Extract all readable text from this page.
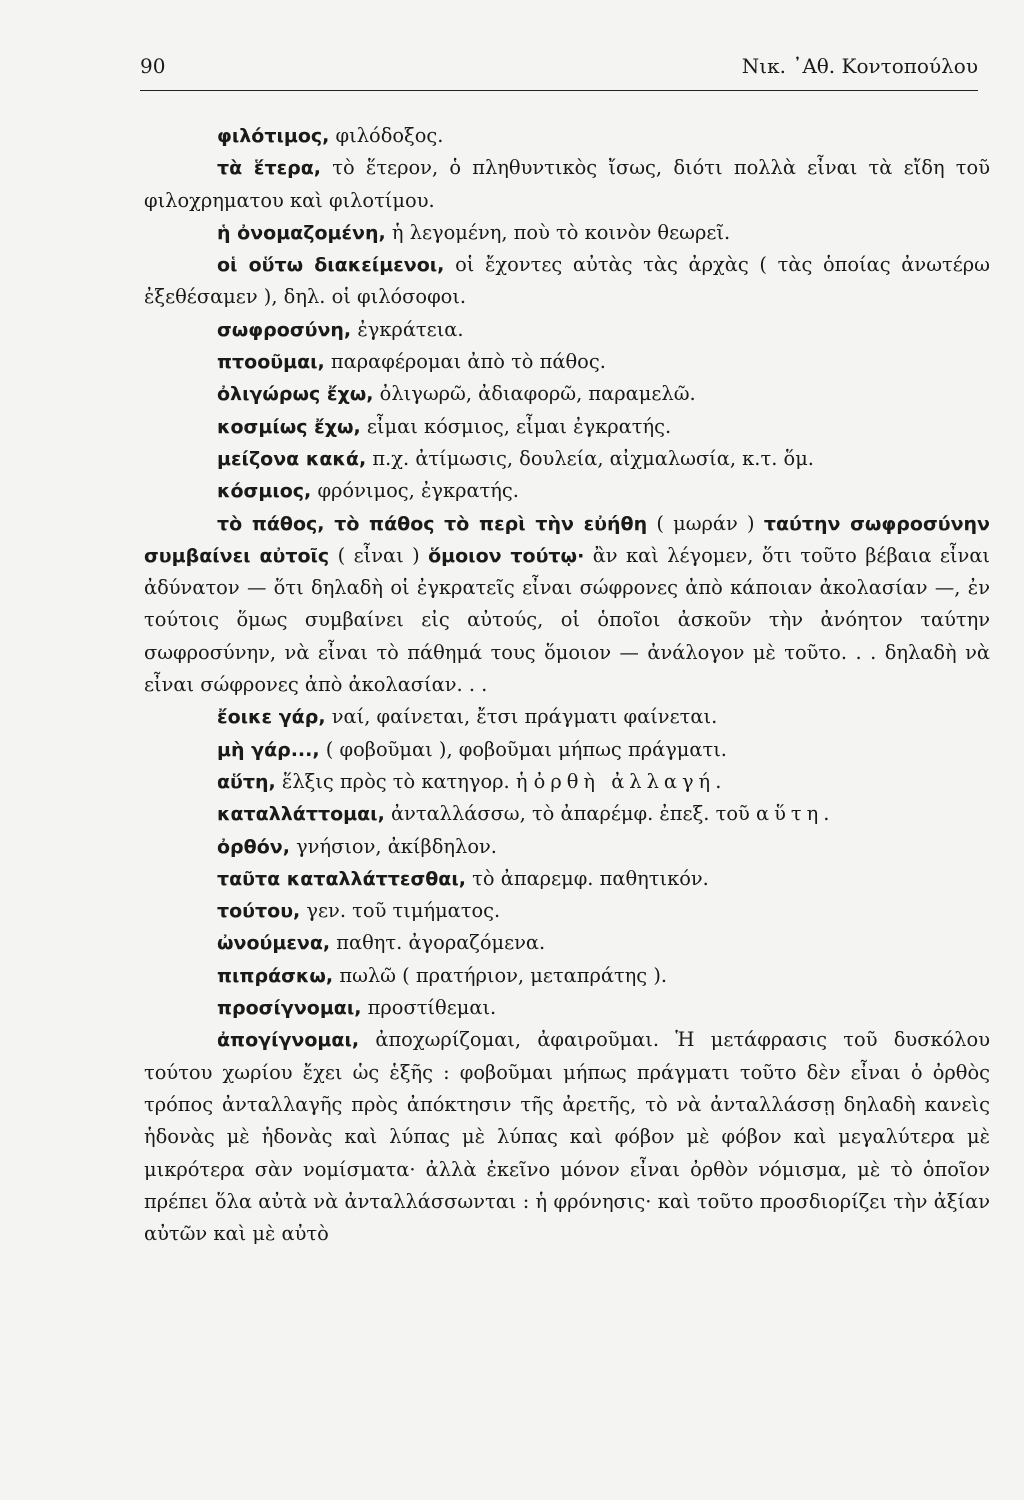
90	Νικ. ᾿Αθ. Κοντοπούλου

φιλότιμος, φιλόδοξος.

τὰ ἕτερα, τὸ ἕτερον, ὁ πληθυντικὸς ἴσως, διότι πολλὰ εἶναι τὰ εἴδη τοῦ φιλοχρηματου καὶ φιλοτίμου.

ἡ ὀνομαζομένη, ἡ λεγομένη, ποὺ τὸ κοινὸν θεωρεῖ.

οἱ οὕτω διακείμενοι, οἱ ἔχοντες αὐτὰς τὰς ἀρχὰς ( τὰς ὁποίας ἀνωτέρω ἐξεθέσαμεν ), δηλ. οἱ φιλόσοφοι.

σωφροσύνη, ἐγκράτεια.

πτοοῦμαι, παραφέρομαι ἀπὸ τὸ πάθος.

ὀλιγώρως ἔχω, ὀλιγωρῶ, ἀδιαφορῶ, παραμελῶ.

κοσμίως ἔχω, εἶμαι κόσμιος, εἶμαι ἐγκρατής.

μείζονα κακά, π.χ. ἀτίμωσις, δουλεία, αἰχμαλωσία, κ.τ. ὅμ.

κόσμιος, φρόνιμος, ἐγκρατής.

τὸ πάθος, τὸ πάθος τὸ περὶ τὴν εὐήθη ( μωράν ) ταύτην σωφροσύνην συμβαίνει αὐτοῖς ( εἶναι ) ὅμοιον τούτῳ· ἂν καὶ λέγομεν, ὅτι τοῦτο βέβαια εἶναι ἀδύνατον — ὅτι δηλαδὴ οἱ ἐγκρατεῖς εἶναι σώφρονες ἀπὸ κάποιαν ἀκολασίαν —, ἐν τούτοις ὅμως συμβαίνει εἰς αὐτούς, οἱ ὁποῖοι ἀσκοῦν τὴν ἀνόητον ταύτην σωφροσύνην, νὰ εἶναι τὸ πάθημά τους ὅμοιον — ἀνάλογον μὲ τοῦτο. . . δηλαδὴ νὰ εἶναι σώφρονες ἀπὸ ἀκολασίαν. . .

ἔοικε γάρ, ναί, φαίνεται, ἔτσι πράγματι φαίνεται.

μὴ γάρ..., ( φοβοῦμαι ), φοβοῦμαι μήπως πράγματι.

αὕτη, ἕλξις πρὸς τὸ κατηγορ. ἡ ὀρθὴ ἀλλαγή.

καταλλάττομαι, ἀνταλλάσσω, τὸ ἀπαρέμφ. ἐπεξ. τοῦ αὕτη.

ὀρθόν, γνήσιον, ἀκίβδηλον.

ταῦτα καταλλάττεσθαι, τὸ ἀπαρεμφ. παθητικόν.

τούτου, γεν. τοῦ τιμήματος.

ὠνούμενα, παθητ. ἀγοραζόμενα.

πιπράσκω, πωλῶ ( πρατήριον, μεταπράτης ).

προσίγνομαι, προστίθεμαι.

ἀπογίγνομαι, ἀποχωρίζομαι, ἀφαιροῦμαι. Ἡ μετάφρασις τοῦ δυσκόλου τούτου χωρίου ἔχει ὡς ἑξῆς : φοβοῦμαι μήπως πράγματι τοῦτο δὲν εἶναι ὁ ὀρθὸς τρόπος ἀνταλλαγῆς πρὸς ἀπόκτησιν τῆς ἀρετῆς, τὸ νὰ ἀνταλλάσσῃ δηλαδὴ κανεὶς ἡδονὰς μὲ ἡδονὰς καὶ λύπας μὲ λύπας καὶ φόβον μὲ φόβον καὶ μεγαλύτερα μὲ μικρότερα σὰν νομίσματα· ἀλλὰ ἐκεῖνο μόνον εἶναι ὀρθὸν νόμισμα, μὲ τὸ ὁποῖον πρέπει ὅλα αὐτὰ νὰ ἀνταλλάσσωνται : ἡ φρόνησις· καὶ τοῦτο προσδιορίζει τὴν ἀξίαν αὐτῶν καὶ μὲ αὐτὸ
